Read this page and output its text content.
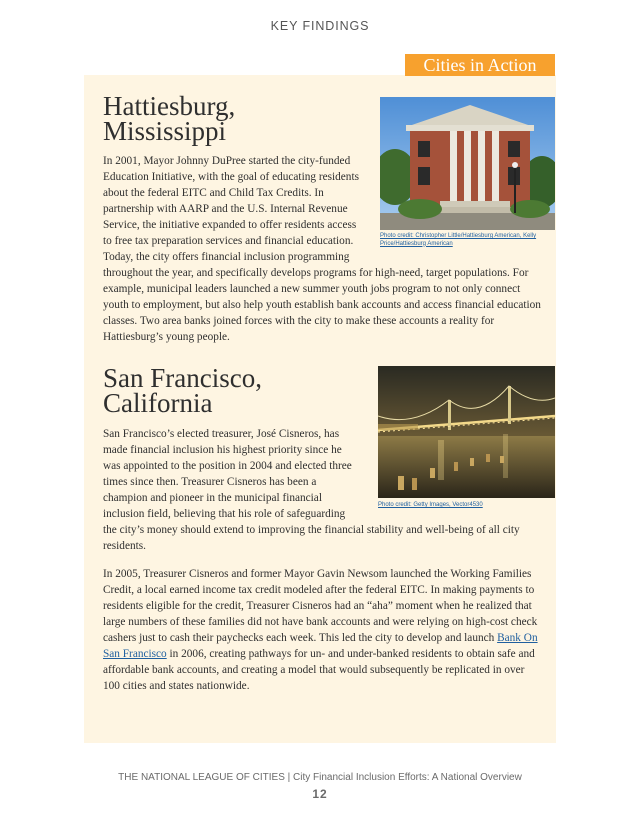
KEY FINDINGS
Cities in Action
Hattiesburg,
Mississippi
In 2001, Mayor Johnny DuPree started the city-funded Education Initiative, with the goal of educating residents about the federal EITC and Child Tax Credits. In partnership with AARP and the U.S. Internal Revenue Service, the initiative expanded to offer residents access to free tax preparation services and financial education. Today, the city offers financial inclusion programming throughout the year, and specifically develops programs for high-need, target populations. For example, municipal leaders launched a new summer youth jobs program to not only connect youth to employment, but also help youth establish bank accounts and access financial education classes. Two area banks joined forces with the city to make these accounts a reality for Hattiesburg’s young people.
Photo credit: Christopher Little/Hattiesburg American, Kelly Price/Hattiesburg American
San Francisco,
California
San Francisco’s elected treasurer, José Cisneros, has made financial inclusion his highest priority since he was appointed to the position in 2004 and elected three times since then. Treasurer Cisneros has been a champion and pioneer in the municipal financial inclusion field, believing that his role of safeguarding the city’s money should extend to improving the financial stability and well-being of all city residents.
In 2005, Treasurer Cisneros and former Mayor Gavin Newsom launched the Working Families Credit, a local earned income tax credit modeled after the federal EITC. In making payments to residents eligible for the credit, Treasurer Cisneros had an “aha” moment when he realized that large numbers of these families did not have bank accounts and were relying on high-cost check cashers just to cash their paychecks each week. This led the city to develop and launch Bank On San Francisco in 2006, creating pathways for un- and under-banked residents to obtain safe and affordable bank accounts, and creating a model that would subsequently be replicated in over 100 cities and states nationwide.
Photo credit: Getty Images, Vector4530
THE NATIONAL LEAGUE OF CITIES | City Financial Inclusion Efforts: A National Overview
12
